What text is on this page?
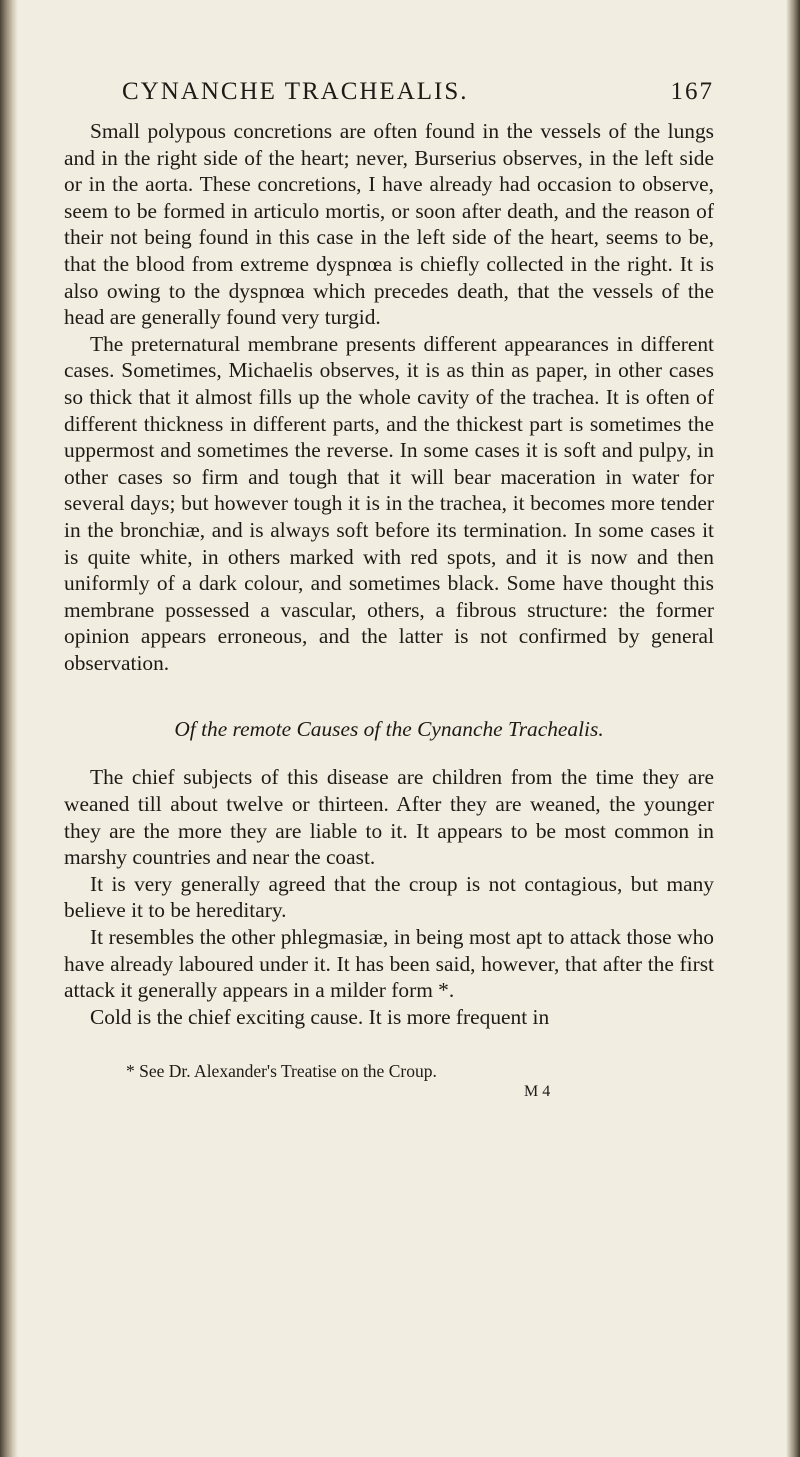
CYNANCHE TRACHEALIS.	167

Small polypous concretions are often found in the vessels of the lungs and in the right side of the heart; never, Burserius observes, in the left side or in the aorta. These concretions, I have already had occasion to observe, seem to be formed in articulo mortis, or soon after death, and the reason of their not being found in this case in the left side of the heart, seems to be, that the blood from extreme dyspnœa is chiefly collected in the right. It is also owing to the dyspnœa which precedes death, that the vessels of the head are generally found very turgid.

The preternatural membrane presents different appearances in different cases. Sometimes, Michaelis observes, it is as thin as paper, in other cases so thick that it almost fills up the whole cavity of the trachea. It is often of different thickness in different parts, and the thickest part is sometimes the uppermost and sometimes the reverse. In some cases it is soft and pulpy, in other cases so firm and tough that it will bear maceration in water for several days; but however tough it is in the trachea, it becomes more tender in the bronchiæ, and is always soft before its termination. In some cases it is quite white, in others marked with red spots, and it is now and then uniformly of a dark colour, and sometimes black. Some have thought this membrane possessed a vascular, others, a fibrous structure: the former opinion appears erroneous, and the latter is not confirmed by general observation.

Of the remote Causes of the Cynanche Trachealis.

The chief subjects of this disease are children from the time they are weaned till about twelve or thirteen. After they are weaned, the younger they are the more they are liable to it. It appears to be most common in marshy countries and near the coast.

It is very generally agreed that the croup is not contagious, but many believe it to be hereditary.

It resembles the other phlegmasiæ, in being most apt to attack those who have already laboured under it. It has been said, however, that after the first attack it generally appears in a milder form *.

Cold is the chief exciting cause. It is more frequent in

* See Dr. Alexander's Treatise on the Croup.
M 4
